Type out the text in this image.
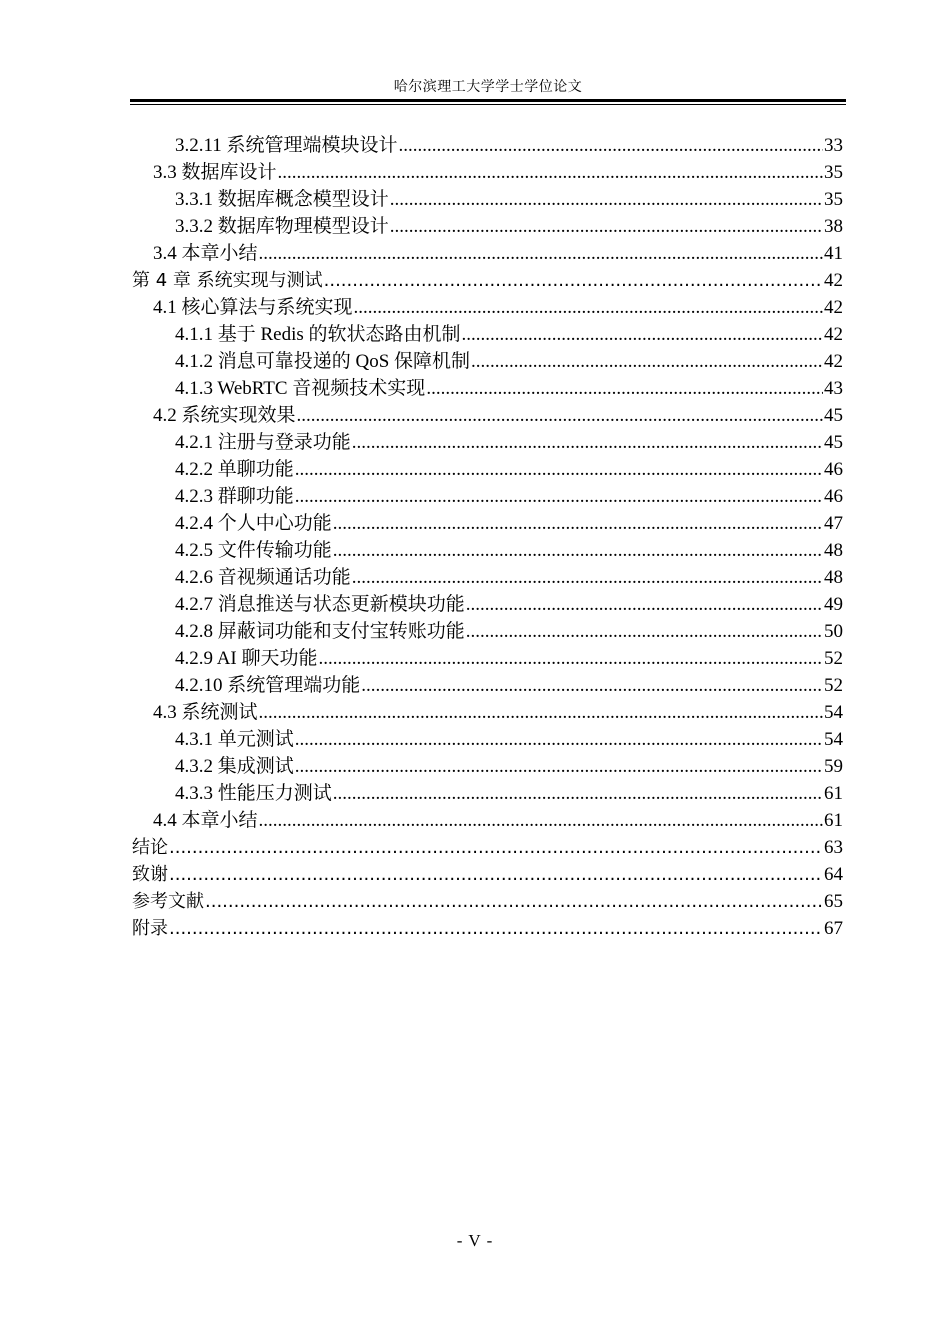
哈尔滨理工大学学士学位论文
3.2.11 系统管理端模块设计 .....	33
3.3 数据库设计 .....	35
3.3.1 数据库概念模型设计 .....	35
3.3.2 数据库物理模型设计 .....	38
3.4 本章小结 .....	41
第 4 章 系统实现与测试 .....	42
4.1 核心算法与系统实现 .....	42
4.1.1 基于 Redis 的软状态路由机制 .....	42
4.1.2 消息可靠投递的 QoS 保障机制 .....	42
4.1.3 WebRTC 音视频技术实现 .....	43
4.2 系统实现效果 .....	45
4.2.1 注册与登录功能 .....	45
4.2.2 单聊功能 .....	46
4.2.3 群聊功能 .....	46
4.2.4 个人中心功能 .....	47
4.2.5 文件传输功能 .....	48
4.2.6 音视频通话功能 .....	48
4.2.7 消息推送与状态更新模块功能 .....	49
4.2.8 屏蔽词功能和支付宝转账功能 .....	50
4.2.9 AI 聊天功能 .....	52
4.2.10 系统管理端功能 .....	52
4.3 系统测试 .....	54
4.3.1 单元测试 .....	54
4.3.2 集成测试 .....	59
4.3.3 性能压力测试 .....	61
4.4 本章小结 .....	61
结论 .....	63
致谢 .....	64
参考文献 .....	65
附录 .....	67
- V -
